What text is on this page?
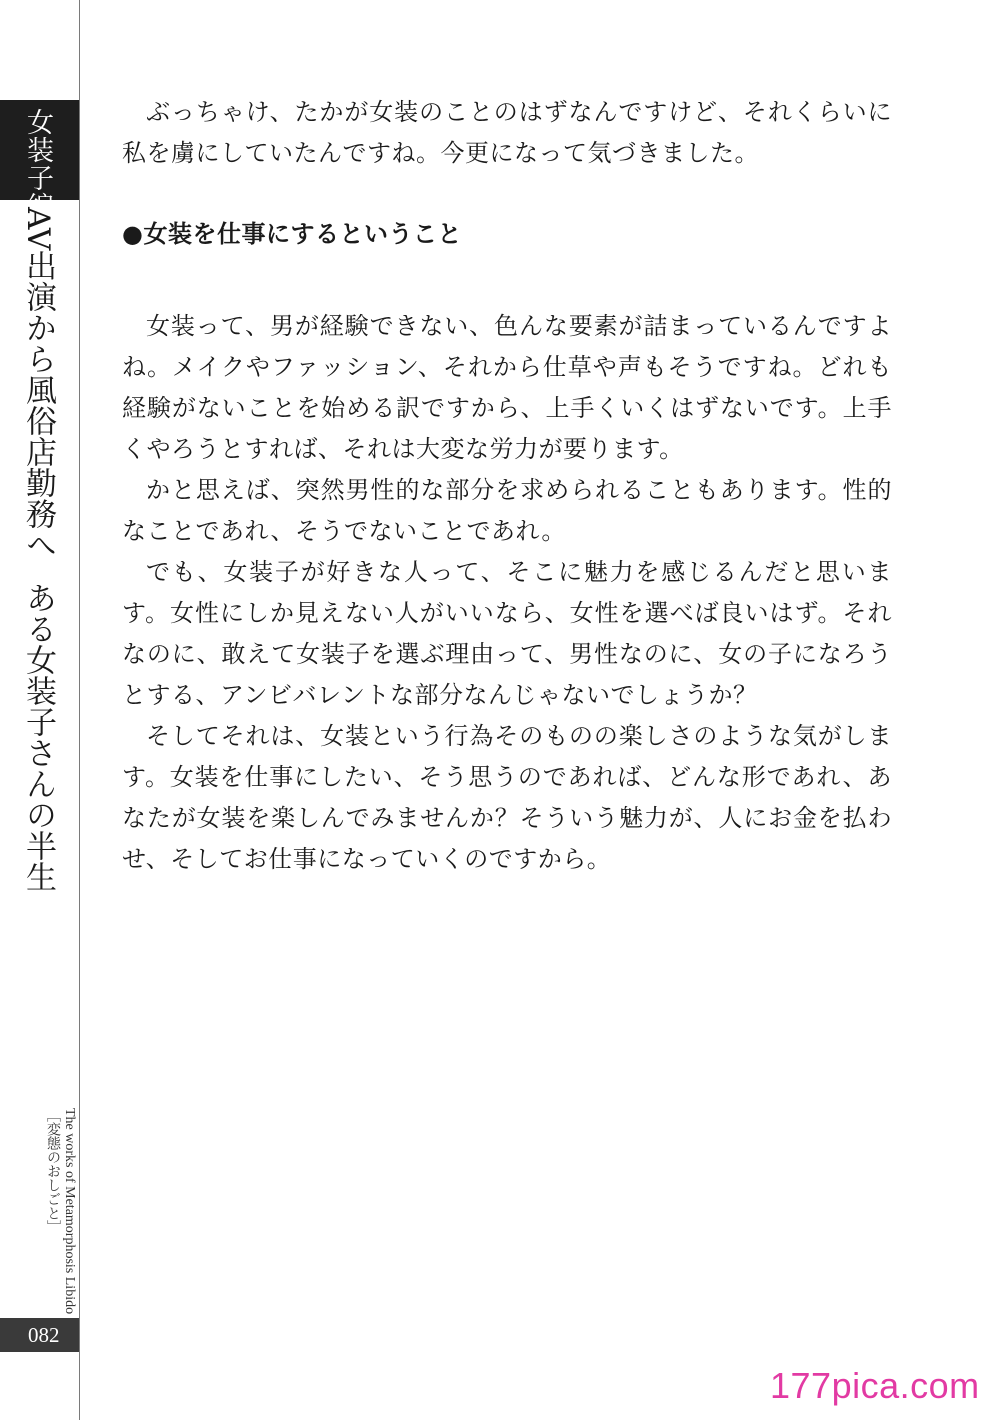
女装子編
AV出演から風俗店勤務へある女装子さんの半生
The works of Metamorphosis Libido
［変態のおしごと］
082

ぶっちゃけ、たかが女装のことのはずなんですけど、それくらいに私を虜にしていたんですね。今更になって気づきました。

●女装を仕事にするということ

女装って、男が経験できない、色んな要素が詰まっているんですよね。メイクやファッション、それから仕草や声もそうですね。どれも経験がないことを始める訳ですから、上手くいくはずないです。上手くやろうとすれば、それは大変な労力が要ります。

かと思えば、突然男性的な部分を求められることもあります。性的なことであれ、そうでないことであれ。

でも、女装子が好きな人って、そこに魅力を感じるんだと思います。女性にしか見えない人がいいなら、女性を選べば良いはず。それなのに、敢えて女装子を選ぶ理由って、男性なのに、女の子になろうとする、アンビバレントな部分なんじゃないでしょうか？

そしてそれは、女装という行為そのものの楽しさのような気がします。女装を仕事にしたい、そう思うのであれば、どんな形であれ、あなたが女装を楽しんでみませんか？そういう魅力が、人にお金を払わせ、そしてお仕事になっていくのですから。

177pica.com
